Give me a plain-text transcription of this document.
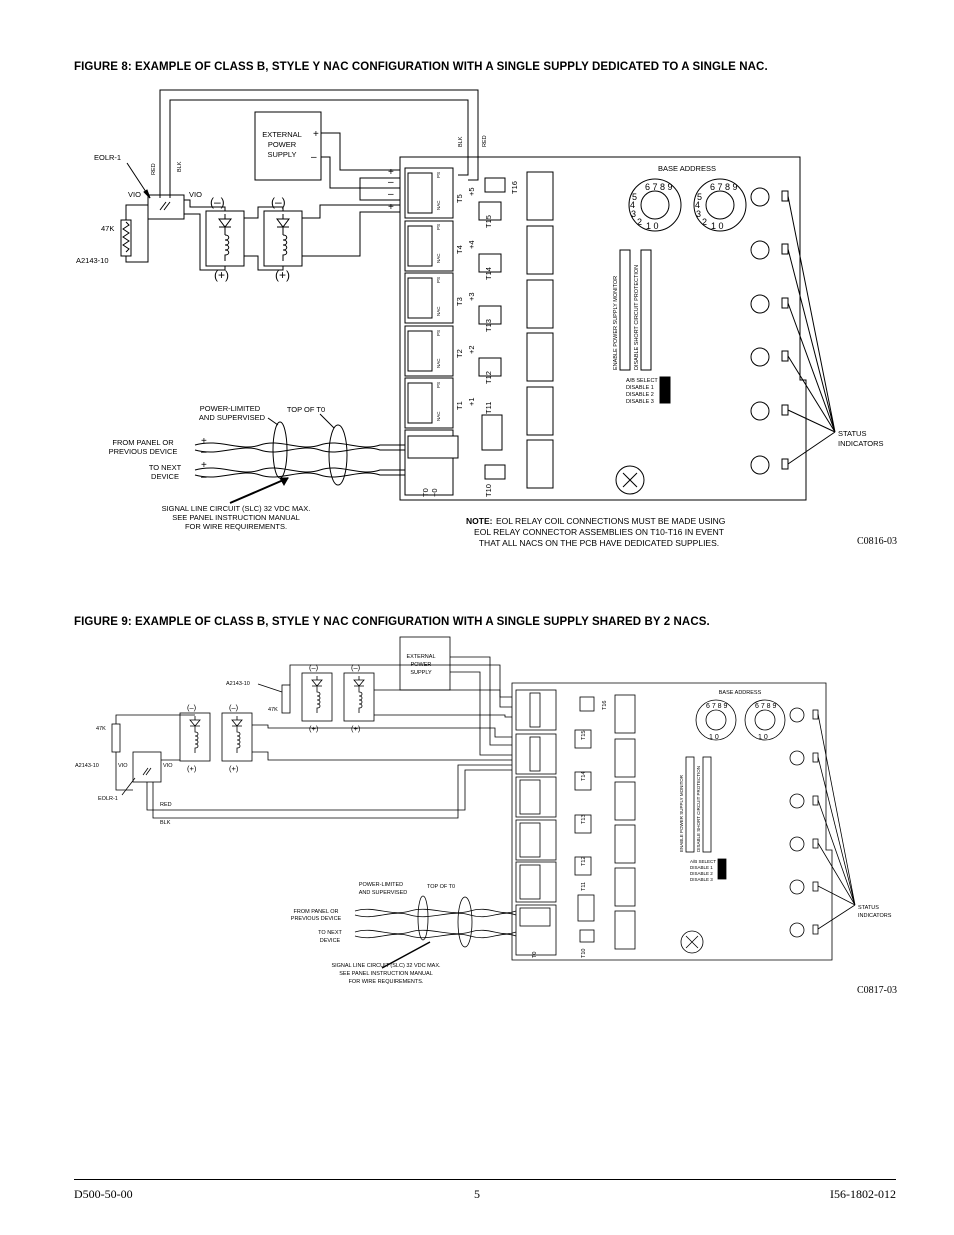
FIGURE 8: EXAMPLE OF CLASS B, STYLE Y NAC CONFIGURATION WITH A SINGLE SUPPLY DEDICATED TO A SINGLE NAC.
EXTERNAL
POWER
SUPPLY
+
–
+
–
–
+
RED	BLK
BLK	RED
EOLR-1
VIO	VIO
47K
A2143-10
(–)	(–)
(+)	(+)
PS
NAC
PS
NAC
PS
NAC
PS
NAC
PS
NAC
T5
T4
T3
T2
T1
+5
+4
+3
+2
+1
+0
T0
T16
T15
T14
T13
T12
T11
T10
BASE ADDRESS
6 7 8 9
5
4
3
2 1 0
6 7 8 9
5
4
3
2 1 0
ENABLE POWER SUPPLY MONITOR	DISABLE SHORT CIRCUIT PROTECTION
A/B SELECT
DISABLE 1
DISABLE 2
DISABLE 3
STATUS
INDICATORS
+
–
+
–
FROM PANEL OR
PREVIOUS DEVICE
TO NEXT
DEVICE
POWER-LIMITED
AND SUPERVISED
TOP OF T0
SIGNAL LINE CIRCUIT (SLC) 32 VDC MAX.
SEE PANEL INSTRUCTION MANUAL
FOR WIRE REQUIREMENTS.
NOTE: EOL RELAY COIL CONNECTIONS MUST BE MADE USING
EOL RELAY CONNECTOR ASSEMBLIES ON T10-T16 IN EVENT
THAT ALL NACS ON THE PCB HAVE DEDICATED SUPPLIES.	C0816-03
FIGURE 9: EXAMPLE OF CLASS B, STYLE Y NAC CONFIGURATION WITH A SINGLE SUPPLY SHARED BY 2 NACS.
EXTERNAL
POWER
SUPPLY
(–)	(–)
(+)	(+)
(–)	(–)
(+)	(+)
47K
47K
A2143-10
A2143-10	VIO	VIO
EOLR-1
RED
BLK
T16
T15
T14
T13
T12
T11
T10
T0
BASE ADDRESS
6 7 8 9	6 7 8 9
1 0	1 0
ENABLE POWER SUPPLY MONITOR	DISABLE SHORT CIRCUIT PROTECTION
A/B SELECT
DISABLE 1
DISABLE 2
DISABLE 3
STATUS
INDICATORS
FROM PANEL OR
PREVIOUS DEVICE
TO NEXT
DEVICE
POWER-LIMITED
AND SUPERVISED
TOP OF T0
SIGNAL LINE CIRCUIT (SLC) 32 VDC MAX.
SEE PANEL INSTRUCTION MANUAL
FOR WIRE REQUIREMENTS.
C0817-03
D500-50-00	5	I56-1802-012
